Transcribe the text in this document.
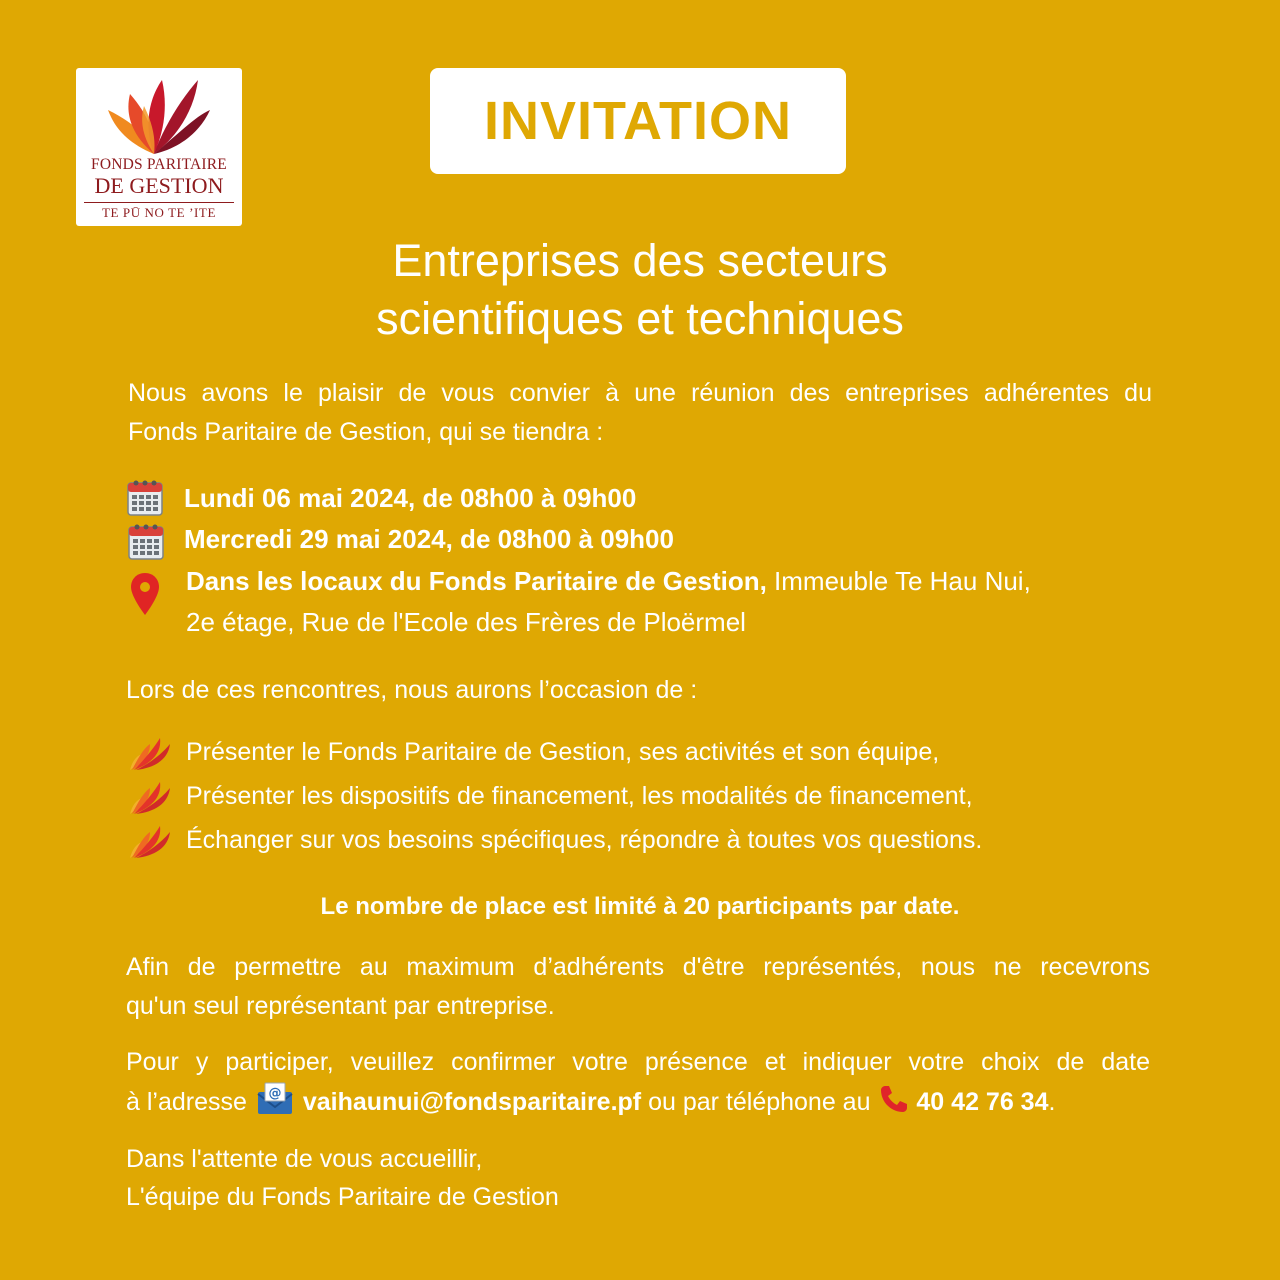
FONDS PARITAIRE
DE GESTION
TE PŪ NO TE ’ITE
INVITATION
Entreprises des secteurs
scientifiques et techniques
Nous avons le plaisir de vous convier à une réunion des entreprises adhérentes du
Fonds Paritaire de Gestion, qui se tiendra :
Lundi 06 mai 2024, de 08h00 à 09h00
Mercredi 29 mai 2024, de 08h00 à 09h00
Dans les locaux du Fonds Paritaire de Gestion, Immeuble Te Hau Nui,
2e étage, Rue de l'Ecole des Frères de Ploërmel
Lors de ces rencontres, nous aurons l’occasion de :
Présenter le Fonds Paritaire de Gestion, ses activités et son équipe,
Présenter les dispositifs de financement, les modalités de financement,
Échanger sur vos besoins spécifiques, répondre à toutes vos questions.
Le nombre de place est limité à 20 participants par date.
Afin de permettre au maximum d’adhérents d'être représentés, nous ne recevrons
qu'un seul représentant par entreprise.
Pour y participer, veuillez confirmer votre présence et indiquer votre choix de date
à l’adresse @ vaihaunui@fondsparitaire.pf ou par téléphone au 40 42 76 34.
Dans l'attente de vous accueillir,
L'équipe du Fonds Paritaire de Gestion
